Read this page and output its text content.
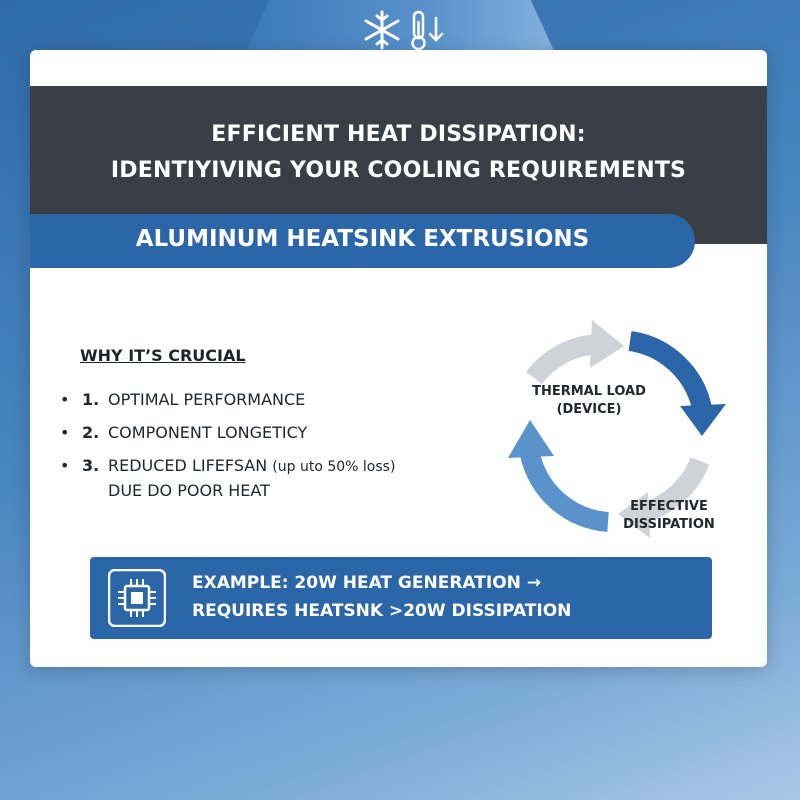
EFFICIENT HEAT DISSIPATION:
IDENTIYIVING YOUR COOLING REQUIREMENTS
ALUMINUM HEATSINK EXTRUSIONS
WHY IT’S CRUCIAL
• 1. OPTIMAL PERFORMANCE
• 2. COMPONENT LONGETICY
• 3. REDUCED LIFEFSAN (up uto 50% loss)
DUE DO POOR HEAT
THERMAL LOAD
(DEVICE)
EFFECTIVE
DISSIPATION
EXAMPLE: 20W HEAT GENERATION →
REQUIRES HEATSNK >20W DISSIPATION
